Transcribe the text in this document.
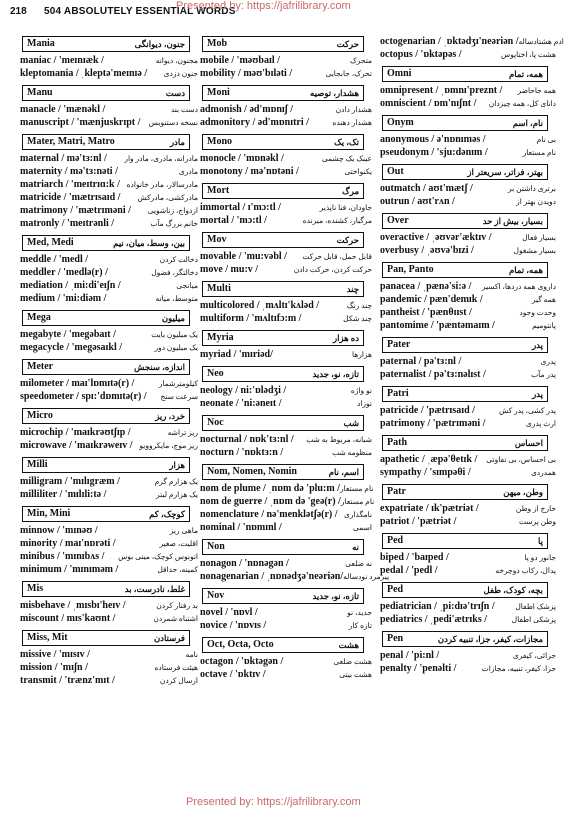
218 504 ABSOLUTELY ESSENTIAL WORDS
Presented by: https://jafrilibrary.com
Mania	جنون، دیوانگی
maniac / 'meɪnɪæk /	مجنون، دیوانه
kleptomania / ˌkleptə'meɪnɪə / جنون دزدی
Manu	دست
manacle / 'mænəkl /	دست بند
manuscript / 'mænjuskrɪpt / نسخه دستنویس
Mater, Matri, Matro	مادر
maternal / mə'tɜ:nl / مادرانه، مادری، مادر وار
maternity / mə'tɜ:nəti /	مادری
matriarch / 'meɪtrɪɑ:k / مادرسالار، مادر خانواده
matricide / 'mætrɪsaɪd / مادرکشی، مادرکش
matrimony / 'mætrɪməni / ازدواج، زناشویی
matronly / 'meɪtrənli /	خانم بزرگ مآب
Med, Medi	بین، وسط، میان، نیم
meddle / 'medl /	دخالت کردن
meddler / 'medlə(r) /	دخالتگر، فضول
mediation / ˌmi:di'eɪʃn /	میانجی
medium / 'mi:diəm /	متوسط، میانه
Mega	میلیون
megabyte / 'megəbaɪt /	یک میلیون بایت
megacycle / 'megəsaɪkl /	یک میلیون دور
Meter	اندازه، سنجش
milometer / maɪ'lɒmɪtə(r) /	کیلومترشمار
speedometer / spɪ:'dɒmɪtə(r) / سرعت سنج
Micro	خرد، ریز
microchip / 'maɪkrəʊtʃɪp /	ریز تراشه
microwave / 'maɪkrəweɪv / ریز موج، مایکروویو
Milli	هزار
milligram / 'mɪlɪgræm /	یک هزارم گرم
milliliter / 'mɪlɪli:tə /	یک هزارم لیتر
Min, Mini	کوچک، کم
minnow / 'mɪnəʊ /	ماهی ریز
minority / maɪ'nɒrəti /	اقلیت، صغیر
minibus / 'mɪnɪbʌs / اتوبوس کوچک، مینی بوس
minimum / 'mɪnɪməm /	کمینه، حداقل
Mis	غلط، نادرست، بد
misbehave / ˌmɪsbɪ'heɪv /	بد رفتار کردن
miscount / mɪs'kaʊnt /	اشتباه شمردن
Miss, Mit	فرستادن
missive / 'mɪsɪv /	نامه
mission / 'mɪʃn /	هیئت فرستاده
transmit / 'trænz'mɪt /	ارسال کردن
Mob	حرکت
mobile / 'məʊbaɪl /	متحرک
mobility / məʊ'bɪləti /	تحرک، جابجایی
Moni	هشدار، توصیه
admonish / əd'mɒnɪʃ /	هشدار دادن
admonitory / əd'mɒnɪtri /	هشدار دهنده
Mono	تک، یک
monocle / 'mɒnəkl /	عینک یک چشمی
monotony / mə'nɒtəni /	یکنواختی
Mort	مرگ
immortal / ɪ'mɔ:tl /	جاودان، فنا ناپذیر
mortal / 'mɔ:tl /	مرگبار، کشنده، میرنده
Mov	حرکت
movable / 'mu:vəbl / قابل حمل، قابل حرکت
move / mu:v /	حرکت کردن، حرکت دادن
Multi	چند
multicolored / ˌmʌltɪ'kʌləd /	چند رنگ
multiform / 'mʌltɪfɔ:m /	چند شکل
Myria	ده هزار
myriad / 'mɪriəd/	هزارها
Neo	تازه، نو، جدید
neology / ni:'ɒlədʒi /	نو واژه
neonate / 'ni:əneɪt /	نوزاد
Noc	شب
nocturnal / nɒk'tɜ:nl / شبانه، مربوط به شب
nocturn / 'nɒktɜ:n /	منظومه شب
Nom, Nomen, Nomin	اسم، نام
nom de plume / ˌnɒm də 'plu:m / نام مستعار
nom de guerre / ˌnɒm də 'geə(r) / نام مستعار
nomenclature / nə'menklətʃə(r) / نامگذاری
nominal / 'nɒmɪnl /	اسمی
Non	نه
nonagon / 'nɒnəgən /	نه ضلعی
nonagenarian / ˌnɒnədʒə'neəriən/ پیرمرد نودساله
Nov	تازه، نو، جدید
novel / 'nɒvl /	جدید، نو
novice / 'nɒvɪs /	تازه کار
Oct, Octa, Octo	هشت
octagon / 'ɒktəgən /	هشت ضلعی
octave / 'ɒktɪv /	هشت بیتی
octogenarian / ˌɒktədʒɪ'neəriən / ادم هشتادساله
octopus / 'ɒktəpəs /	هشت پا، اختاپوس
Omni	همه، تمام
omnipresent / ˌɒmnɪ'preznt / همه جاحاضر
omniscient / ɒm'nɪʃnt / دانای کل، همه چیزدان
Onym	نام، اسم
anonymous / ə'nɒnɪməs /	بی نام
pseudonym / 'sju:dənɪm /	نام مستعار
Out	بهتر، فراتر، سریعتر از
outmatch / aʊt'mætʃ /	برتری داشتن بر
outrun / aʊt'rʌn /	دویدن بهتر از
Over	بسیار، بیش از حد
overactive / ˌəʊvər'æktɪv /	بسیار فعال
overbusy / ˌəʊvə'bɪzi /	بسیار مشغول
Pan, Panto	همه، تمام
panacea / ˌpænə'si:ə / داروی همه دردها، اکسیر
pandemic / pæn'demɪk /	همه گیر
pantheist / 'pænθɪɪst /	وحدت وجود
pantomime / 'pæntəmaɪm /	پانتومیم
Pater	پدر
paternal / pə'tɜ:nl /	پدری
paternalist / pə'tɜ:nəlɪst /	پدر مآب
Patri	پدر
patricide / 'pætrɪsaɪd /	پدر کشی، پدر کش
patrimony / 'pætrɪməni /	ارث پدری
Path	احساس
apathetic / ˌæpə'θetɪk / بی احساس، بی تفاوتی
sympathy / 'sɪmpəθi /	همدردی
Patr	وطن، میهن
expatriate / ɪk'pætriət /	خارج از وطن
patriot / 'pætriət /	وطن پرست
Ped	پا
biped / 'baɪped /	جانور دو پا
pedal / 'pedl /	پدال، رکاب دوچرخه
Ped	بچه، کودک، طفل
pediatrician / ˌpi:dɪə'trɪʃn /	پزشک اطفال
pediatrics / ˌpedi'ætrɪks /	پزشکی اطفال
Pen	مجازات، کیفر، جزا، تنبیه کردن
penal / 'pi:nl /	جزائی، کیفری
penalty / 'penəlti /	جزا، کیفر، تنبیه، مجازات
Presented by: https://jafrilibrary.com
